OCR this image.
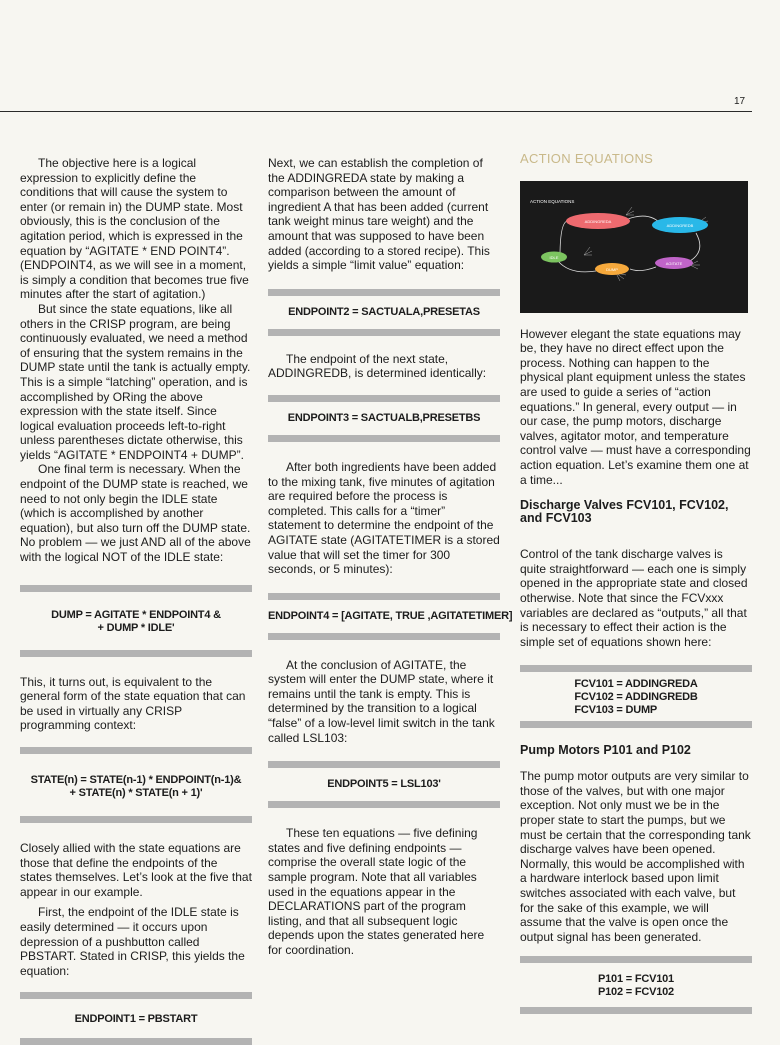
17

The objective here is a logical expression to explicitly define the conditions that will cause the system to enter (or remain in) the DUMP state. Most obviously, this is the conclusion of the agitation period, which is expressed in the equation by “AGITATE * END POINT4”. (ENDPOINT4, as we will see in a moment, is simply a condition that becomes true five minutes after the start of agitation.)

But since the state equations, like all others in the CRISP program, are being continuously evaluated, we need a method of ensuring that the system remains in the DUMP state until the tank is actually empty. This is a simple “latching” operation, and is accomplished by ORing the above expression with the state itself. Since logical evaluation proceeds left-to-right unless parentheses dictate otherwise, this yields “AGITATE * ENDPOINT4 + DUMP”.

One final term is necessary. When the endpoint of the DUMP state is reached, we need to not only begin the IDLE state (which is accomplished by another equation), but also turn off the DUMP state. No problem — we just AND all of the above with the logical NOT of the IDLE state:

DUMP = AGITATE * ENDPOINT4 &
+ DUMP * IDLE'

This, it turns out, is equivalent to the general form of the state equation that can be used in virtually any CRISP programming context:

STATE(n) = STATE(n-1) * ENDPOINT(n-1)&
+ STATE(n) * STATE(n + 1)'

Closely allied with the state equations are those that define the endpoints of the states themselves. Let’s look at the five that appear in our example.

First, the endpoint of the IDLE state is easily determined — it occurs upon depression of a pushbutton called PBSTART. Stated in CRISP, this yields the equation:

ENDPOINT1 = PBSTART

Next, we can establish the completion of the ADDINGREDA state by making a comparison between the amount of ingredient A that has been added (current tank weight minus tare weight) and the amount that was supposed to have been added (according to a stored recipe). This yields a simple “limit value” equation:

ENDPOINT2 = SACTUALA,PRESETAS

The endpoint of the next state, ADDINGREDB, is determined identically:

ENDPOINT3 = SACTUALB,PRESETBS

After both ingredients have been added to the mixing tank, five minutes of agitation are required before the process is completed. This calls for a “timer” statement to determine the endpoint of the AGITATE state (AGITATETIMER is a stored value that will set the timer for 300 seconds, or 5 minutes):

ENDPOINT4 = [AGITATE, TRUE ,AGITATETIMER]

At the conclusion of AGITATE, the system will enter the DUMP state, where it remains until the tank is empty. This is determined by the transition to a logical “false” of a low-level limit switch in the tank called LSL103:

ENDPOINT5 = LSL103'

These ten equations — five defining states and five defining endpoints — comprise the overall state logic of the sample program. Note that all variables used in the equations appear in the DECLARATIONS part of the program listing, and that all subsequent logic depends upon the states generated here for coordination.

ACTION EQUATIONS
ACTION EQUATIONS
ADDINGREDA
ADDINGREDB
IDLE
DUMP
AGITATE

However elegant the state equations may be, they have no direct effect upon the process. Nothing can happen to the physical plant equipment unless the states are used to guide a series of “action equations.” In general, every output — in our case, the pump motors, discharge valves, agitator motor, and temperature control valve — must have a corresponding action equation. Let’s examine them one at a time...

Discharge Valves FCV101, FCV102, and FCV103

Control of the tank discharge valves is quite straightforward — each one is simply opened in the appropriate state and closed otherwise. Note that since the FCVxxx variables are declared as “outputs,” all that is necessary to effect their action is the simple set of equations shown here:

FCV101 = ADDINGREDA
FCV102 = ADDINGREDB
FCV103 = DUMP
Pump Motors P101 and P102

The pump motor outputs are very similar to those of the valves, but with one major exception. Not only must we be in the proper state to start the pumps, but we must be certain that the corresponding tank discharge valves have been opened. Normally, this would be accomplished with a hardware interlock based upon limit switches associated with each valve, but for the sake of this example, we will assume that the valve is open once the output signal has been generated.

P101 = FCV101
P102 = FCV102
